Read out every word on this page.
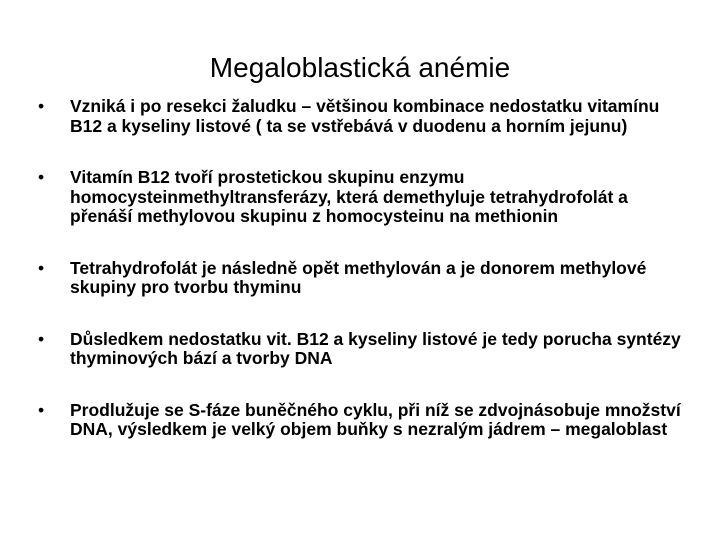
Megaloblastická anémie
• Vzniká i po resekci žaludku – většinou kombinace nedostatku vitamínu B12 a kyseliny listové ( ta se vstřebává v duodenu a horním jejunu)
• Vitamín B12 tvoří prostetickou skupinu enzymu homocysteinmethyltransferázy, která demethyluje tetrahydrofolát a přenáší methylovou skupinu z homocysteinu na methionin
• Tetrahydrofolát je následně opět methylován a je donorem methylové skupiny pro tvorbu thyminu
• Důsledkem nedostatku vit. B12 a kyseliny listové je tedy porucha syntézy thyminových bází a tvorby DNA
• Prodlužuje se S-fáze buněčného cyklu, při níž se zdvojnásobuje množství DNA, výsledkem je velký objem buňky s nezralým jádrem – megaloblast
